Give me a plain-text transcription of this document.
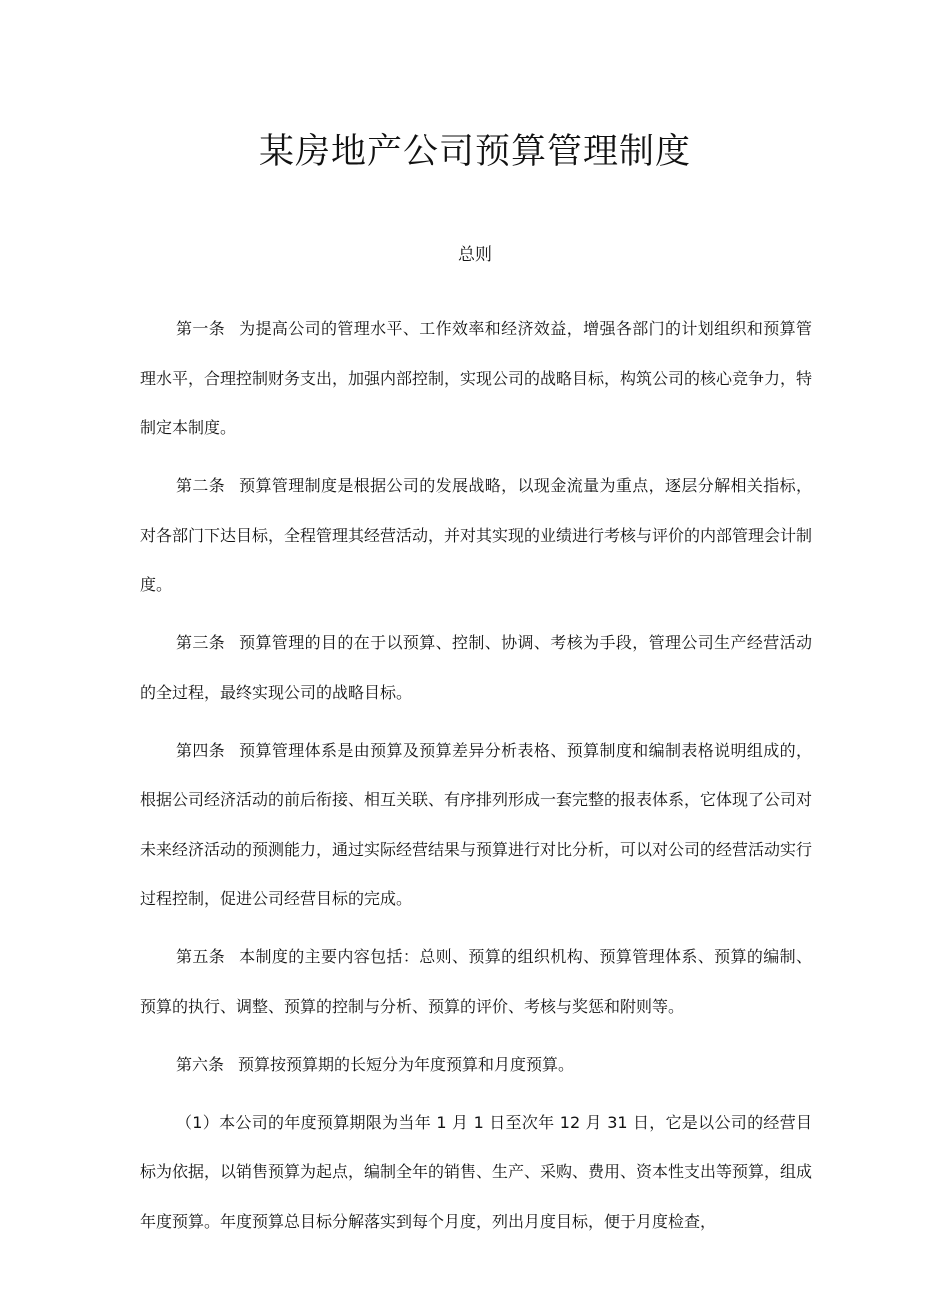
某房地产公司预算管理制度
总则

第一条 为提高公司的管理水平、工作效率和经济效益，增强各部门的计划组织和预算管理水平，合理控制财务支出，加强内部控制，实现公司的战略目标，构筑公司的核心竞争力，特制定本制度。

第二条 预算管理制度是根据公司的发展战略，以现金流量为重点，逐层分解相关指标，对各部门下达目标，全程管理其经营活动，并对其实现的业绩进行考核与评价的内部管理会计制度。

第三条 预算管理的目的在于以预算、控制、协调、考核为手段，管理公司生产经营活动的全过程，最终实现公司的战略目标。

第四条 预算管理体系是由预算及预算差异分析表格、预算制度和编制表格说明组成的，根据公司经济活动的前后衔接、相互关联、有序排列形成一套完整的报表体系，它体现了公司对未来经济活动的预测能力，通过实际经营结果与预算进行对比分析，可以对公司的经营活动实行过程控制，促进公司经营目标的完成。

第五条 本制度的主要内容包括：总则、预算的组织机构、预算管理体系、预算的编制、预算的执行、调整、预算的控制与分析、预算的评价、考核与奖惩和附则等。

第六条 预算按预算期的长短分为年度预算和月度预算。

（1）本公司的年度预算期限为当年 1 月 1 日至次年 12 月 31 日，它是以公司的经营目标为依据，以销售预算为起点，编制全年的销售、生产、采购、费用、资本性支出等预算，组成年度预算。年度预算总目标分解落实到每个月度，列出月度目标，便于月度检查，
